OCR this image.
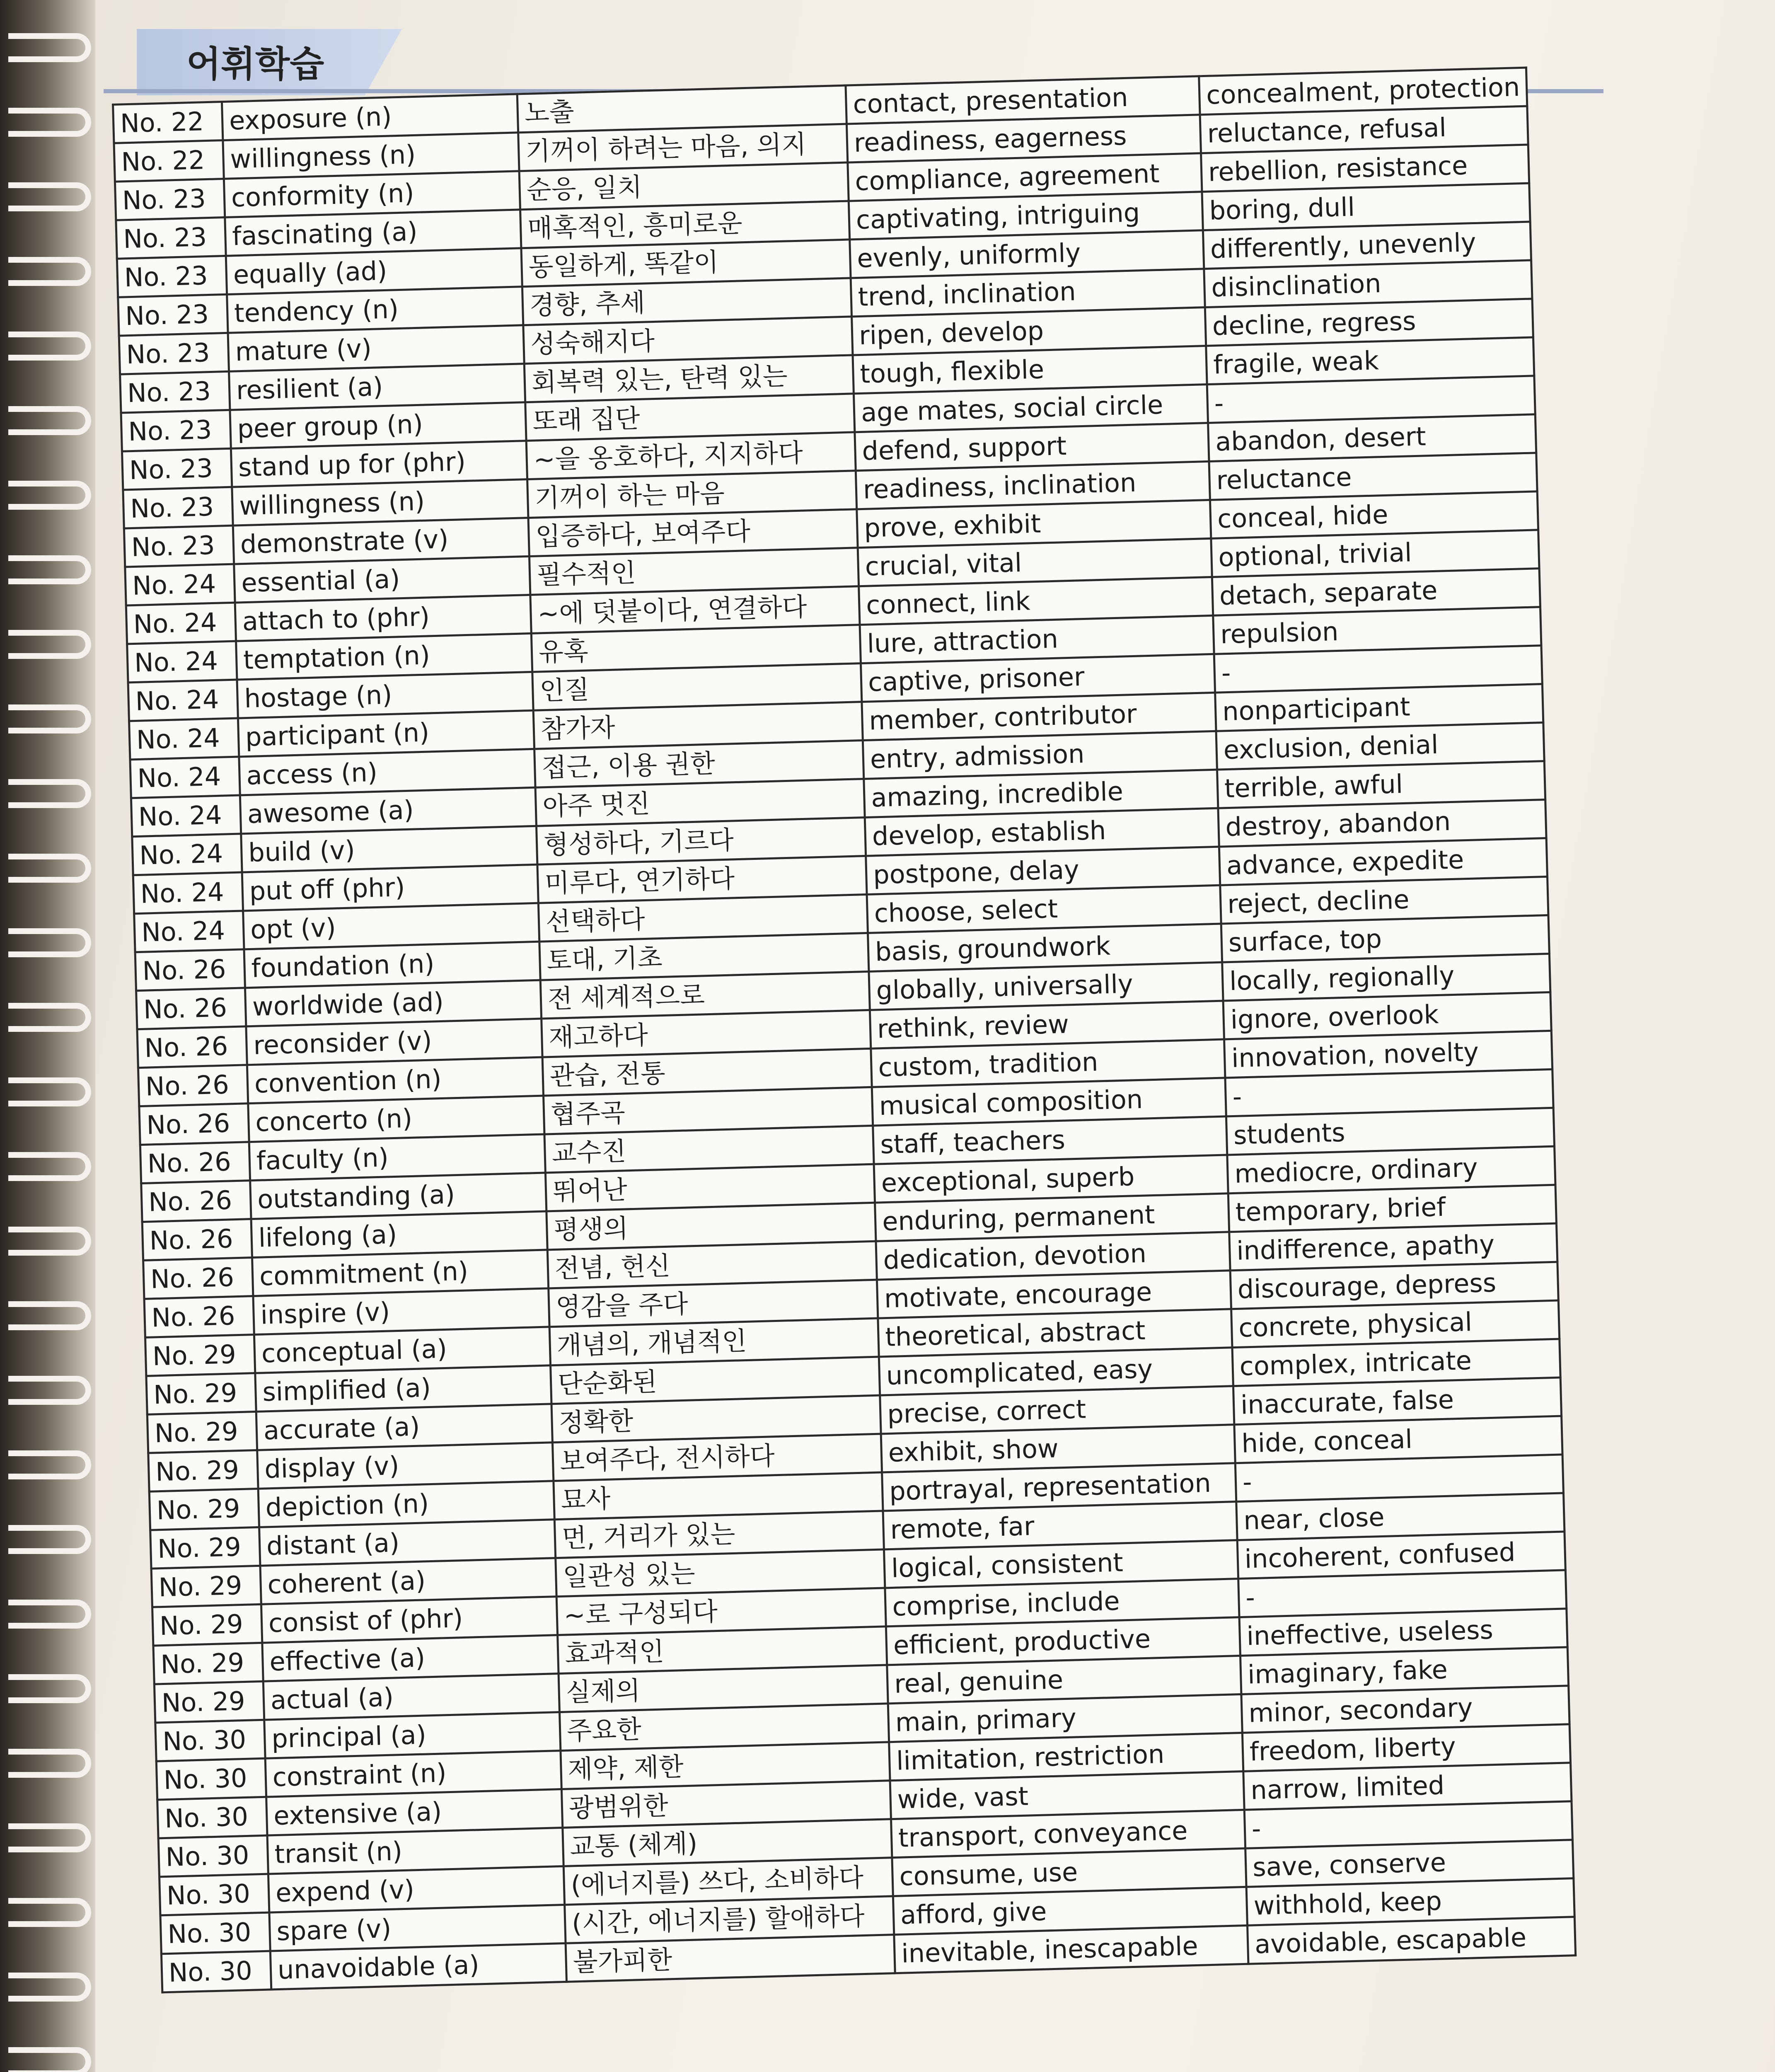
어휘학습
No. 22	exposure (n)	노출	contact, presentation	concealment, protection
No. 22	willingness (n)	기꺼이 하려는 마음, 의지	readiness, eagerness	reluctance, refusal
No. 23	conformity (n)	순응, 일치	compliance, agreement	rebellion, resistance
No. 23	fascinating (a)	매혹적인, 흥미로운	captivating, intriguing	boring, dull
No. 23	equally (ad)	동일하게, 똑같이	evenly, uniformly	differently, unevenly
No. 23	tendency (n)	경향, 추세	trend, inclination	disinclination
No. 23	mature (v)	성숙해지다	ripen, develop	decline, regress
No. 23	resilient (a)	회복력 있는, 탄력 있는	tough, flexible	fragile, weak
No. 23	peer group (n)	또래 집단	age mates, social circle	-
No. 23	stand up for (phr)	~을 옹호하다, 지지하다	defend, support	abandon, desert
No. 23	willingness (n)	기꺼이 하는 마음	readiness, inclination	reluctance
No. 23	demonstrate (v)	입증하다, 보여주다	prove, exhibit	conceal, hide
No. 24	essential (a)	필수적인	crucial, vital	optional, trivial
No. 24	attach to (phr)	~에 덧붙이다, 연결하다	connect, link	detach, separate
No. 24	temptation (n)	유혹	lure, attraction	repulsion
No. 24	hostage (n)	인질	captive, prisoner	-
No. 24	participant (n)	참가자	member, contributor	nonparticipant
No. 24	access (n)	접근, 이용 권한	entry, admission	exclusion, denial
No. 24	awesome (a)	아주 멋진	amazing, incredible	terrible, awful
No. 24	build (v)	형성하다, 기르다	develop, establish	destroy, abandon
No. 24	put off (phr)	미루다, 연기하다	postpone, delay	advance, expedite
No. 24	opt (v)	선택하다	choose, select	reject, decline
No. 26	foundation (n)	토대, 기초	basis, groundwork	surface, top
No. 26	worldwide (ad)	전 세계적으로	globally, universally	locally, regionally
No. 26	reconsider (v)	재고하다	rethink, review	ignore, overlook
No. 26	convention (n)	관습, 전통	custom, tradition	innovation, novelty
No. 26	concerto (n)	협주곡	musical composition	-
No. 26	faculty (n)	교수진	staff, teachers	students
No. 26	outstanding (a)	뛰어난	exceptional, superb	mediocre, ordinary
No. 26	lifelong (a)	평생의	enduring, permanent	temporary, brief
No. 26	commitment (n)	전념, 헌신	dedication, devotion	indifference, apathy
No. 26	inspire (v)	영감을 주다	motivate, encourage	discourage, depress
No. 29	conceptual (a)	개념의, 개념적인	theoretical, abstract	concrete, physical
No. 29	simplified (a)	단순화된	uncomplicated, easy	complex, intricate
No. 29	accurate (a)	정확한	precise, correct	inaccurate, false
No. 29	display (v)	보여주다, 전시하다	exhibit, show	hide, conceal
No. 29	depiction (n)	묘사	portrayal, representation	-
No. 29	distant (a)	먼, 거리가 있는	remote, far	near, close
No. 29	coherent (a)	일관성 있는	logical, consistent	incoherent, confused
No. 29	consist of (phr)	~로 구성되다	comprise, include	-
No. 29	effective (a)	효과적인	efficient, productive	ineffective, useless
No. 29	actual (a)	실제의	real, genuine	imaginary, fake
No. 30	principal (a)	주요한	main, primary	minor, secondary
No. 30	constraint (n)	제약, 제한	limitation, restriction	freedom, liberty
No. 30	extensive (a)	광범위한	wide, vast	narrow, limited
No. 30	transit (n)	교통 (체계)	transport, conveyance	-
No. 30	expend (v)	(에너지를) 쓰다, 소비하다	consume, use	save, conserve
No. 30	spare (v)	(시간, 에너지를) 할애하다	afford, give	withhold, keep
No. 30	unavoidable (a)	불가피한	inevitable, inescapable	avoidable, escapable
